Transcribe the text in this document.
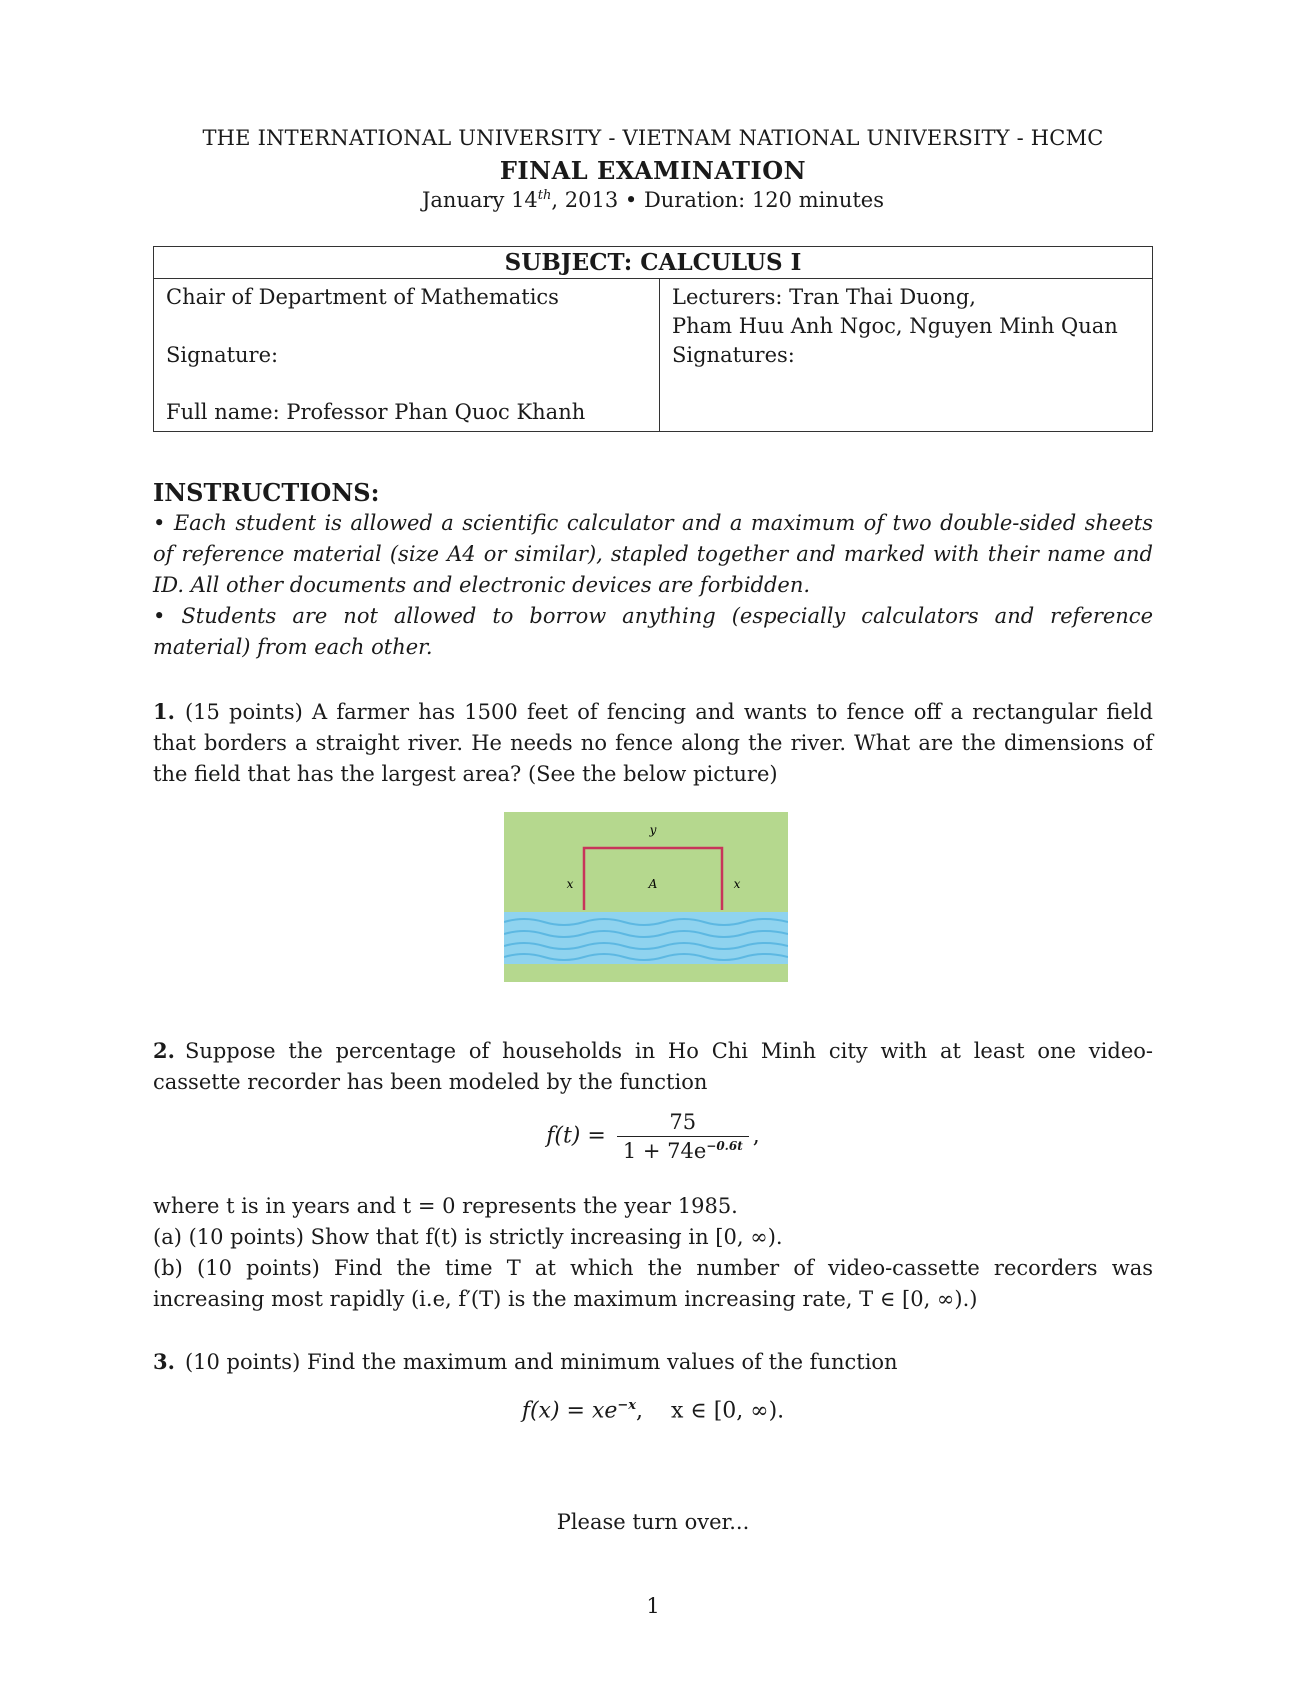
THE INTERNATIONAL UNIVERSITY - VIETNAM NATIONAL UNIVERSITY - HCMC
FINAL EXAMINATION
January 14th, 2013 • Duration: 120 minutes
SUBJECT: CALCULUS I
Chair of Department of Mathematics
Signature:
Full name: Professor Phan Quoc Khanh
Lecturers: Tran Thai Duong,
Pham Huu Anh Ngoc, Nguyen Minh Quan
Signatures:
INSTRUCTIONS:
• Each student is allowed a scientific calculator and a maximum of two double-sided sheets of reference material (size A4 or similar), stapled together and marked with their name and ID. All other documents and electronic devices are forbidden.
• Students are not allowed to borrow anything (especially calculators and reference material) from each other.
1. (15 points) A farmer has 1500 feet of fencing and wants to fence off a rectangular field that borders a straight river. He needs no fence along the river. What are the dimensions of the field that has the largest area? (See the below picture)
y
x	A	x
2. Suppose the percentage of households in Ho Chi Minh city with at least one video-cassette recorder has been modeled by the function
$f(t) = \frac{75}{1 + 74e^{-0.6t}}$ ,
where t is in years and t = 0 represents the year 1985.
(a) (10 points) Show that f(t) is strictly increasing in [0, ∞).
(b) (10 points) Find the time T at which the number of video-cassette recorders was increasing most rapidly (i.e, f′(T) is the maximum increasing rate, T ∈ [0, ∞).)
3. (10 points) Find the maximum and minimum values of the function
$f(x) = xe^{-x}$,    x ∈ [0, ∞).
Please turn over...
1
